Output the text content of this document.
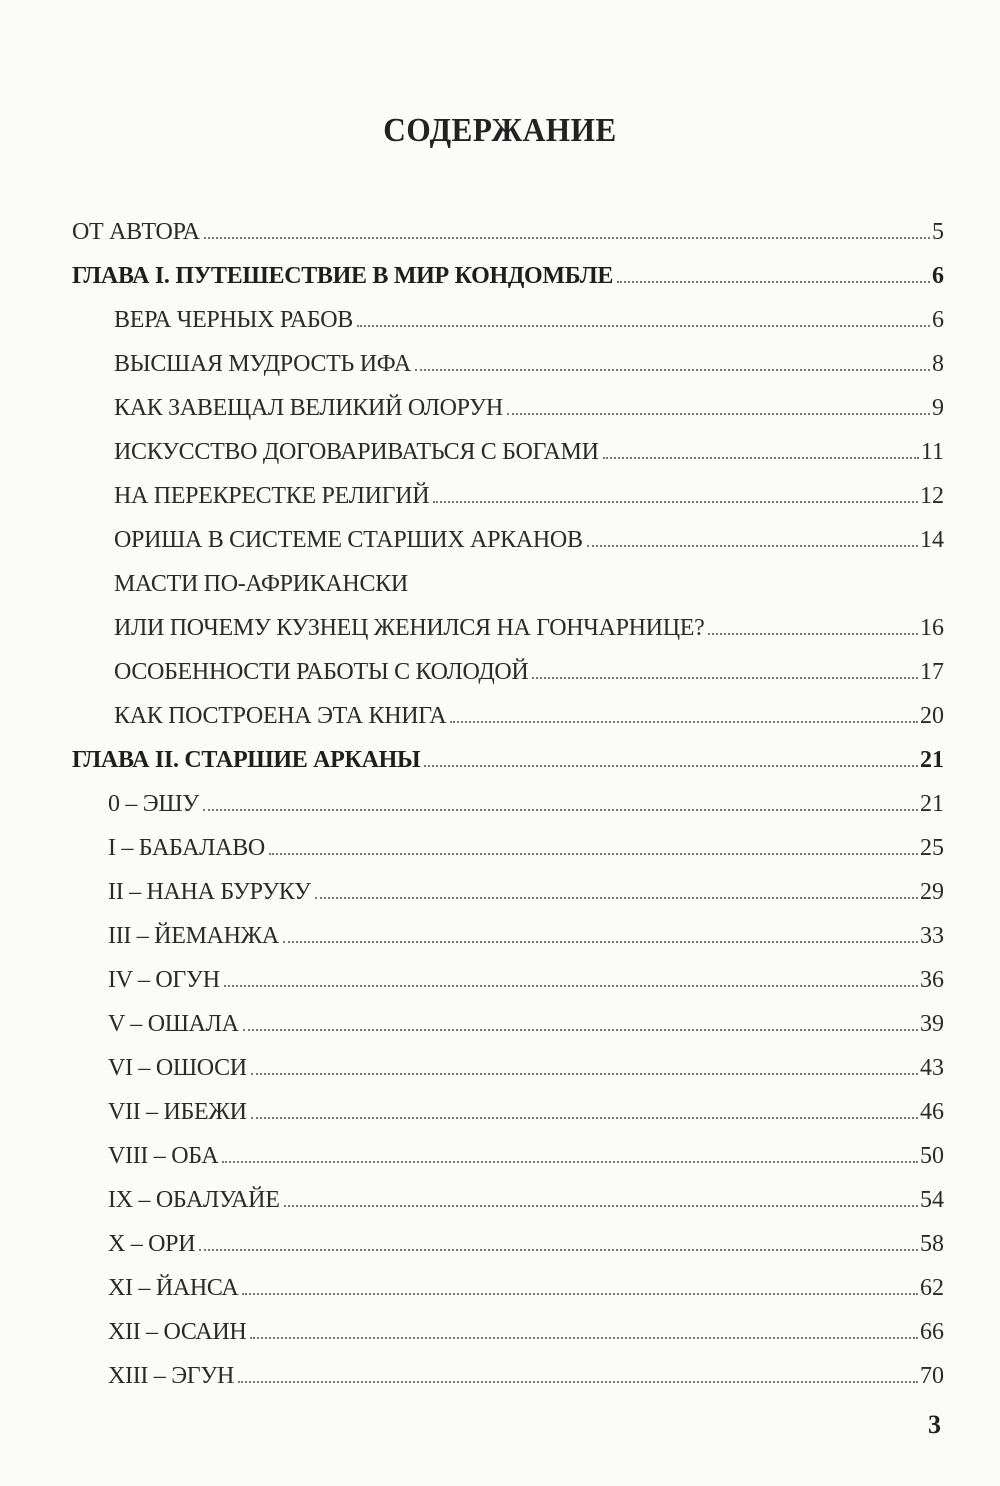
СОДЕРЖАНИЕ
ОТ АВТОРА	5
ГЛАВА I. ПУТЕШЕСТВИЕ В МИР КОНДОМБЛЕ	6
ВЕРА ЧЕРНЫХ РАБОВ	6
ВЫСШАЯ МУДРОСТЬ ИФА	8
КАК ЗАВЕЩАЛ ВЕЛИКИЙ ОЛОРУН	9
ИСКУССТВО ДОГОВАРИВАТЬСЯ С БОГАМИ	11
НА ПЕРЕКРЕСТКЕ РЕЛИГИЙ	12
ОРИША В СИСТЕМЕ СТАРШИХ АРКАНОВ	14
МАСТИ ПО-АФРИКАНСКИ
ИЛИ ПОЧЕМУ КУЗНЕЦ ЖЕНИЛСЯ НА ГОНЧАРНИЦЕ?	16
ОСОБЕННОСТИ РАБОТЫ С КОЛОДОЙ	17
КАК ПОСТРОЕНА ЭТА КНИГА	20
ГЛАВА II. СТАРШИЕ АРКАНЫ	21
0 – ЭШУ	21
I – БАБАЛАВО	25
II – НАНА БУРУКУ	29
III – ЙЕМАНЖА	33
IV – ОГУН	36
V – ОШАЛА	39
VI – ОШОСИ	43
VII – ИБЕЖИ	46
VIII – ОБА	50
IX – ОБАЛУАЙЕ	54
X – ОРИ	58
XI – ЙАНСА	62
XII – ОСАИН	66
XIII – ЭГУН	70
3
